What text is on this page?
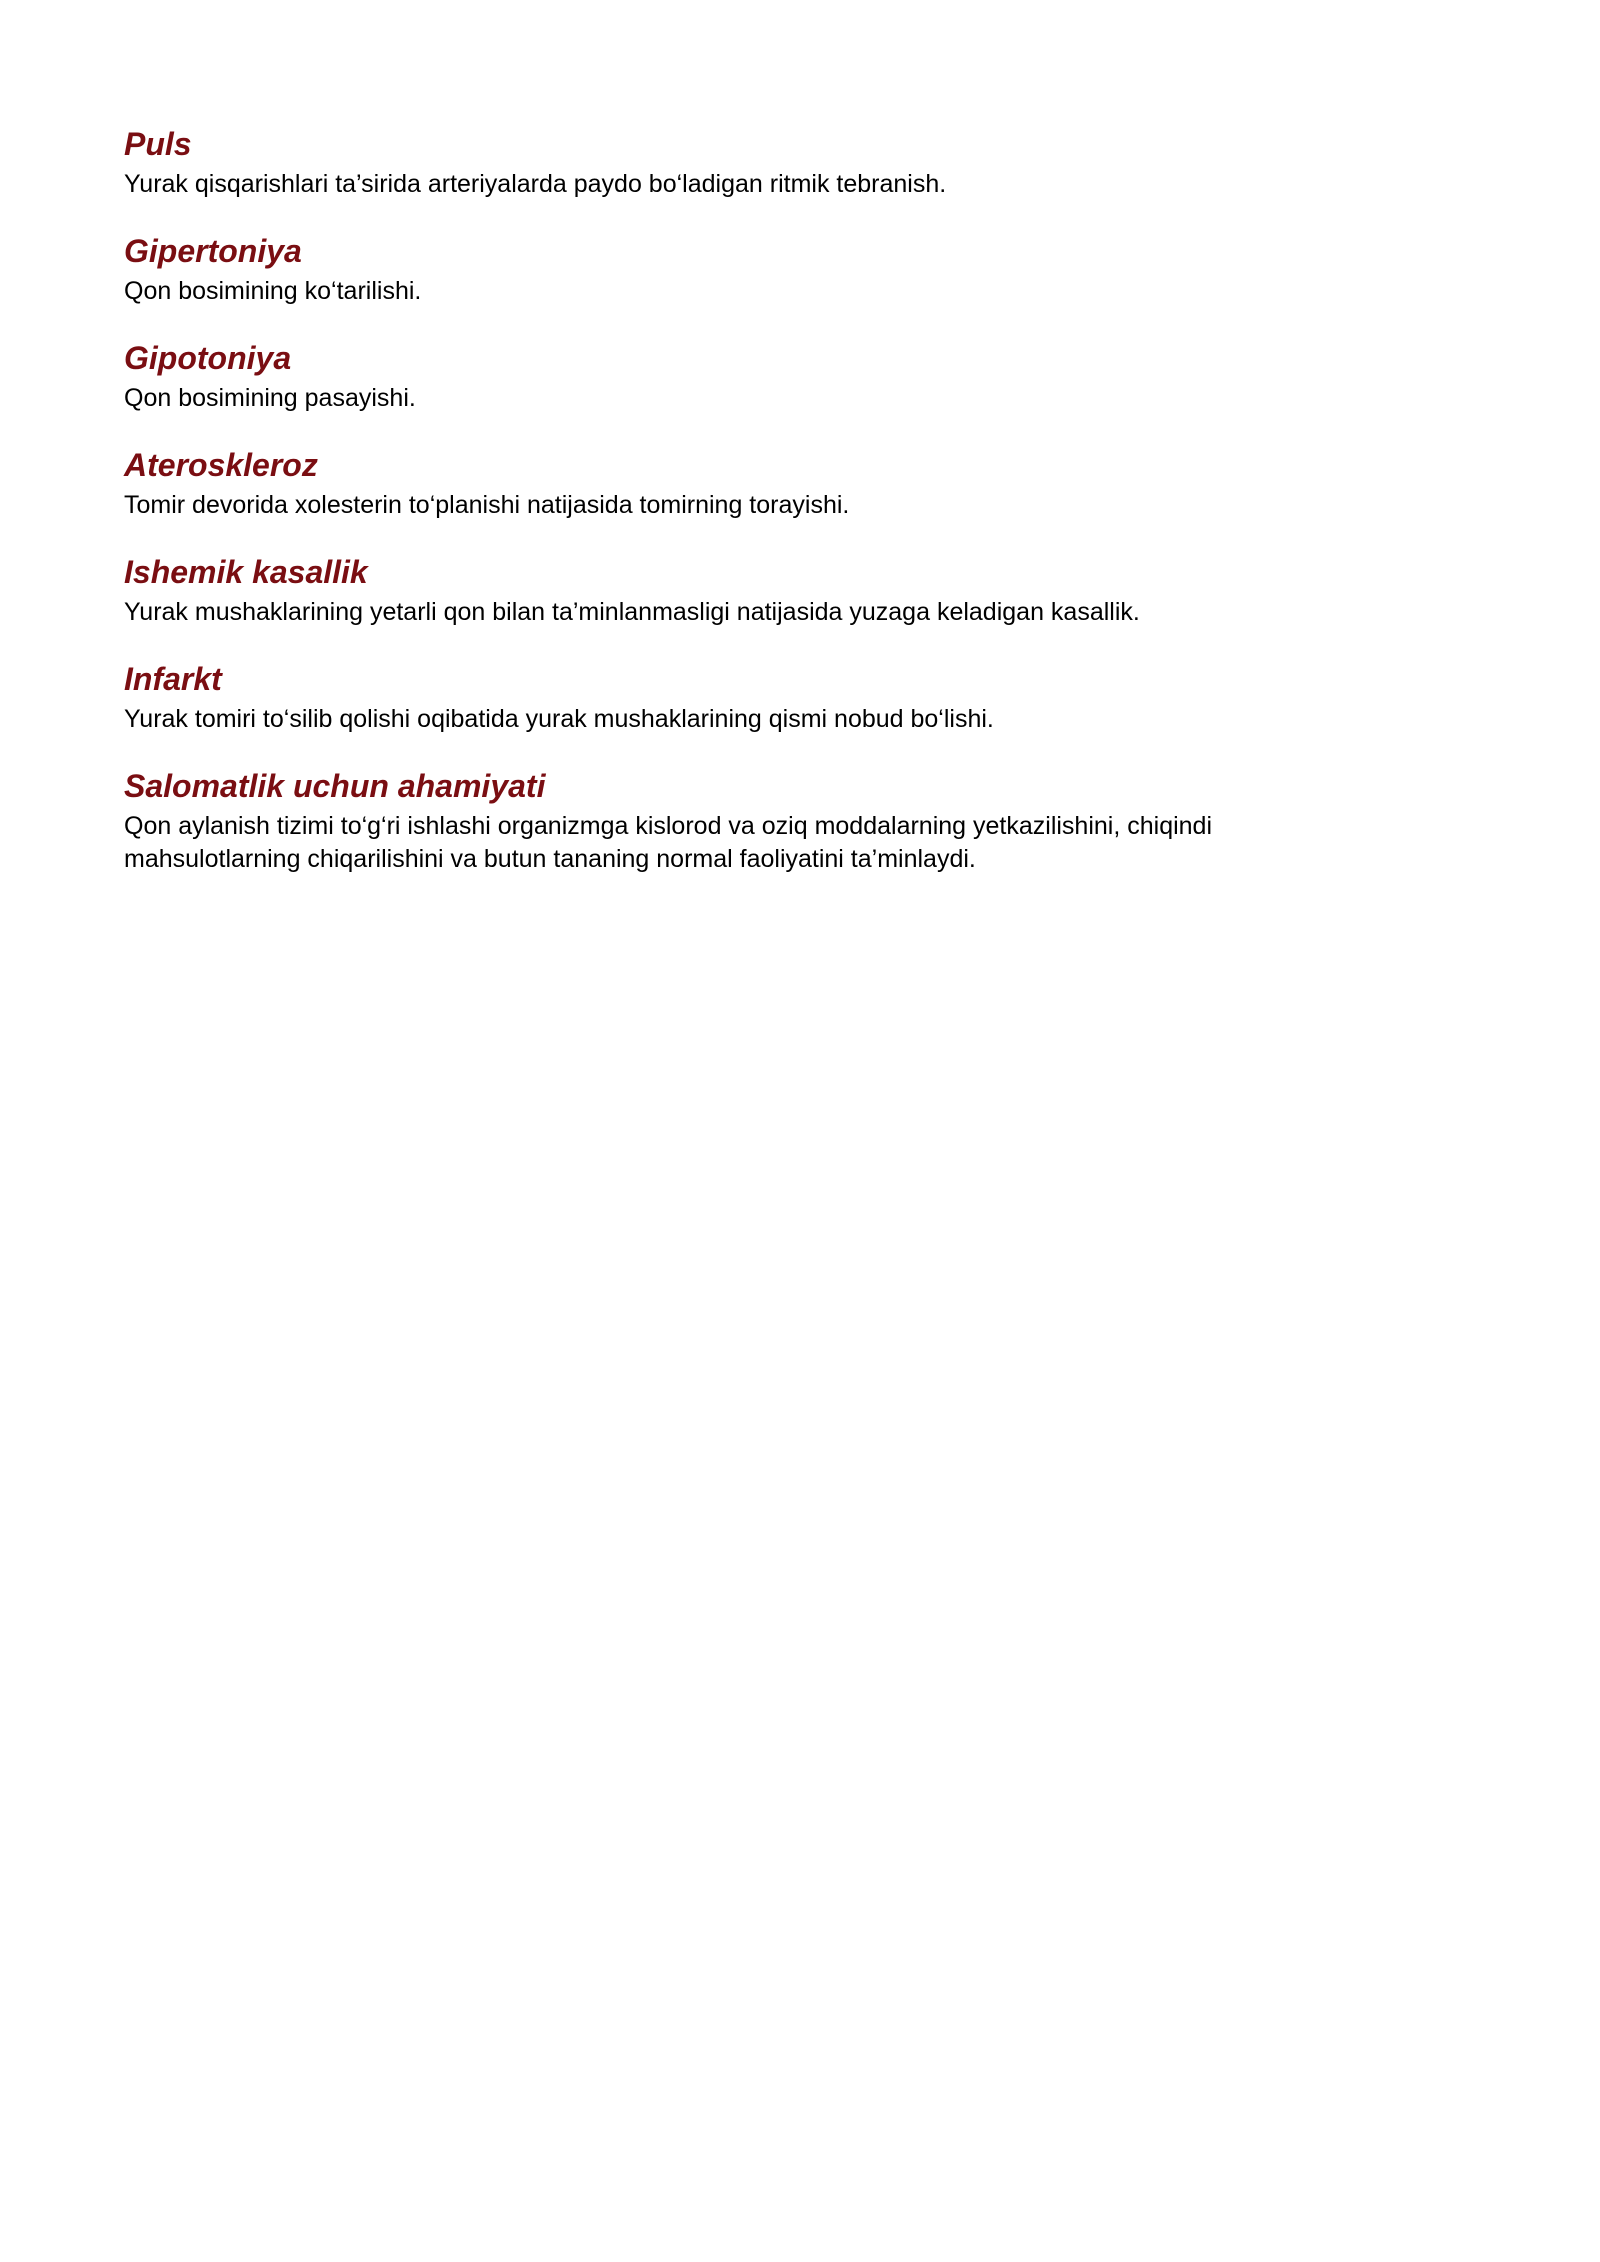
Puls

Yurak qisqarishlari ta’sirida arteriyalarda paydo bo‘ladigan ritmik tebranish.

Gipertoniya

Qon bosimining ko‘tarilishi.

Gipotoniya

Qon bosimining pasayishi.

Ateroskleroz

Tomir devorida xolesterin to‘planishi natijasida tomirning torayishi.

Ishemik kasallik

Yurak mushaklarining yetarli qon bilan ta’minlanmasligi natijasida yuzaga keladigan kasallik.

Infarkt

Yurak tomiri to‘silib qolishi oqibatida yurak mushaklarining qismi nobud bo‘lishi.

Salomatlik uchun ahamiyati

Qon aylanish tizimi to‘g‘ri ishlashi organizmga kislorod va oziq moddalarning yetkazilishini, chiqindi mahsulotlarning chiqarilishini va butun tananing normal faoliyatini ta’minlaydi.
